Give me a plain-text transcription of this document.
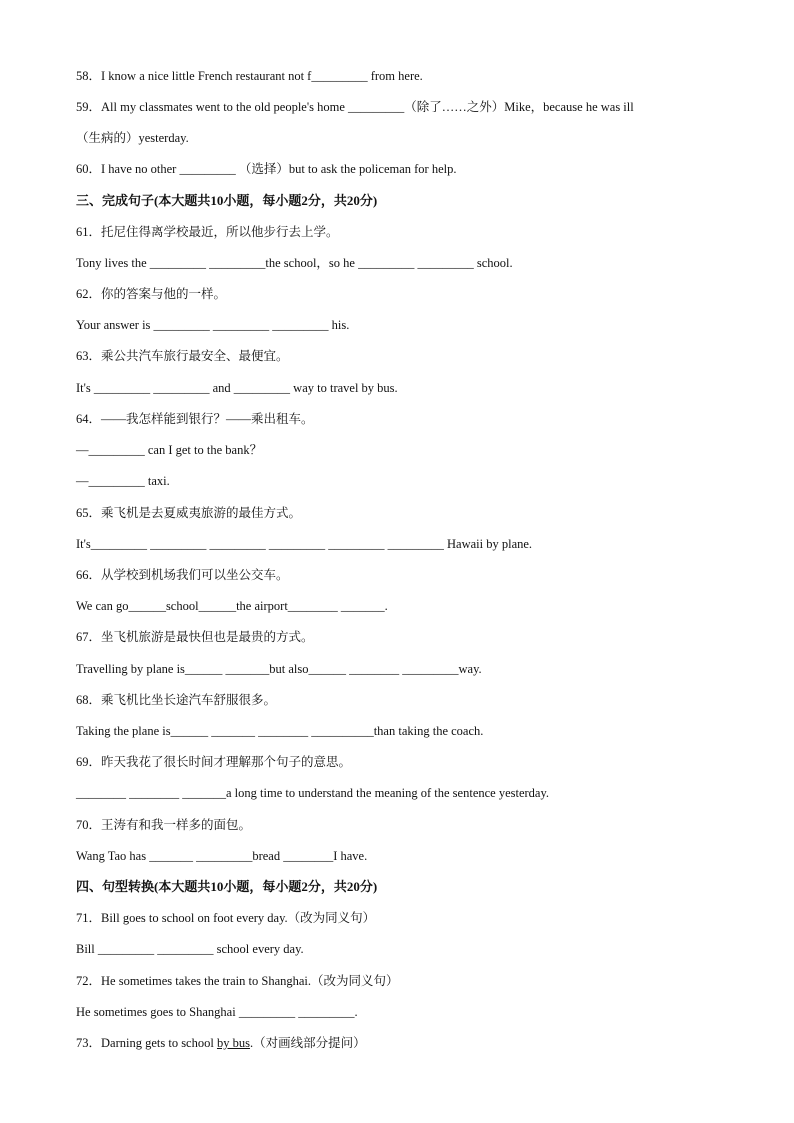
58．I know a nice little French restaurant not f_________ from here.
59．All my classmates went to the old people's home _________（除了……之外）Mike，because he was ill
（生病的）yesterday.
60．I have no other _________ （选择）but to ask the policeman for help.
三、完成句子(本大题共10小题，每小题2分，共20分)
61．托尼住得离学校最近，所以他步行去上学。
Tony lives the _________ _________the school，so he _________ _________ school.
62．你的答案与他的一样。
Your answer is _________ _________ _________ his.
63．乘公共汽车旅行最安全、最便宜。
It's _________ _________ and _________ way to travel by bus.
64．——我怎样能到银行？——乘出租车。
—_________ can I get to the bank？
—_________ taxi.
65．乘飞机是去夏威夷旅游的最佳方式。
It's_________ _________ _________ _________ _________ _________ Hawaii by plane.
66．从学校到机场我们可以坐公交车。
We can go______school______the airport________ _______.
67．坐飞机旅游是最快但也是最贵的方式。
Travelling by plane is______ _______but also______ ________ _________way.
68．乘飞机比坐长途汽车舒服很多。
Taking the plane is______ _______ ________ __________than taking the coach.
69．昨天我花了很长时间才理解那个句子的意思。
________ ________ _______a long time to understand the meaning of the sentence yesterday.
70．王涛有和我一样多的面包。
Wang Tao has _______ _________bread ________I have.
四、句型转换(本大题共10小题，每小题2分，共20分)
71．Bill goes to school on foot every day.（改为同义句）
Bill _________ _________ school every day.
72．He sometimes takes the train to Shanghai.（改为同义句）
He sometimes goes to Shanghai _________ _________.
73．Darning gets to school by bus.（对画线部分提问）
